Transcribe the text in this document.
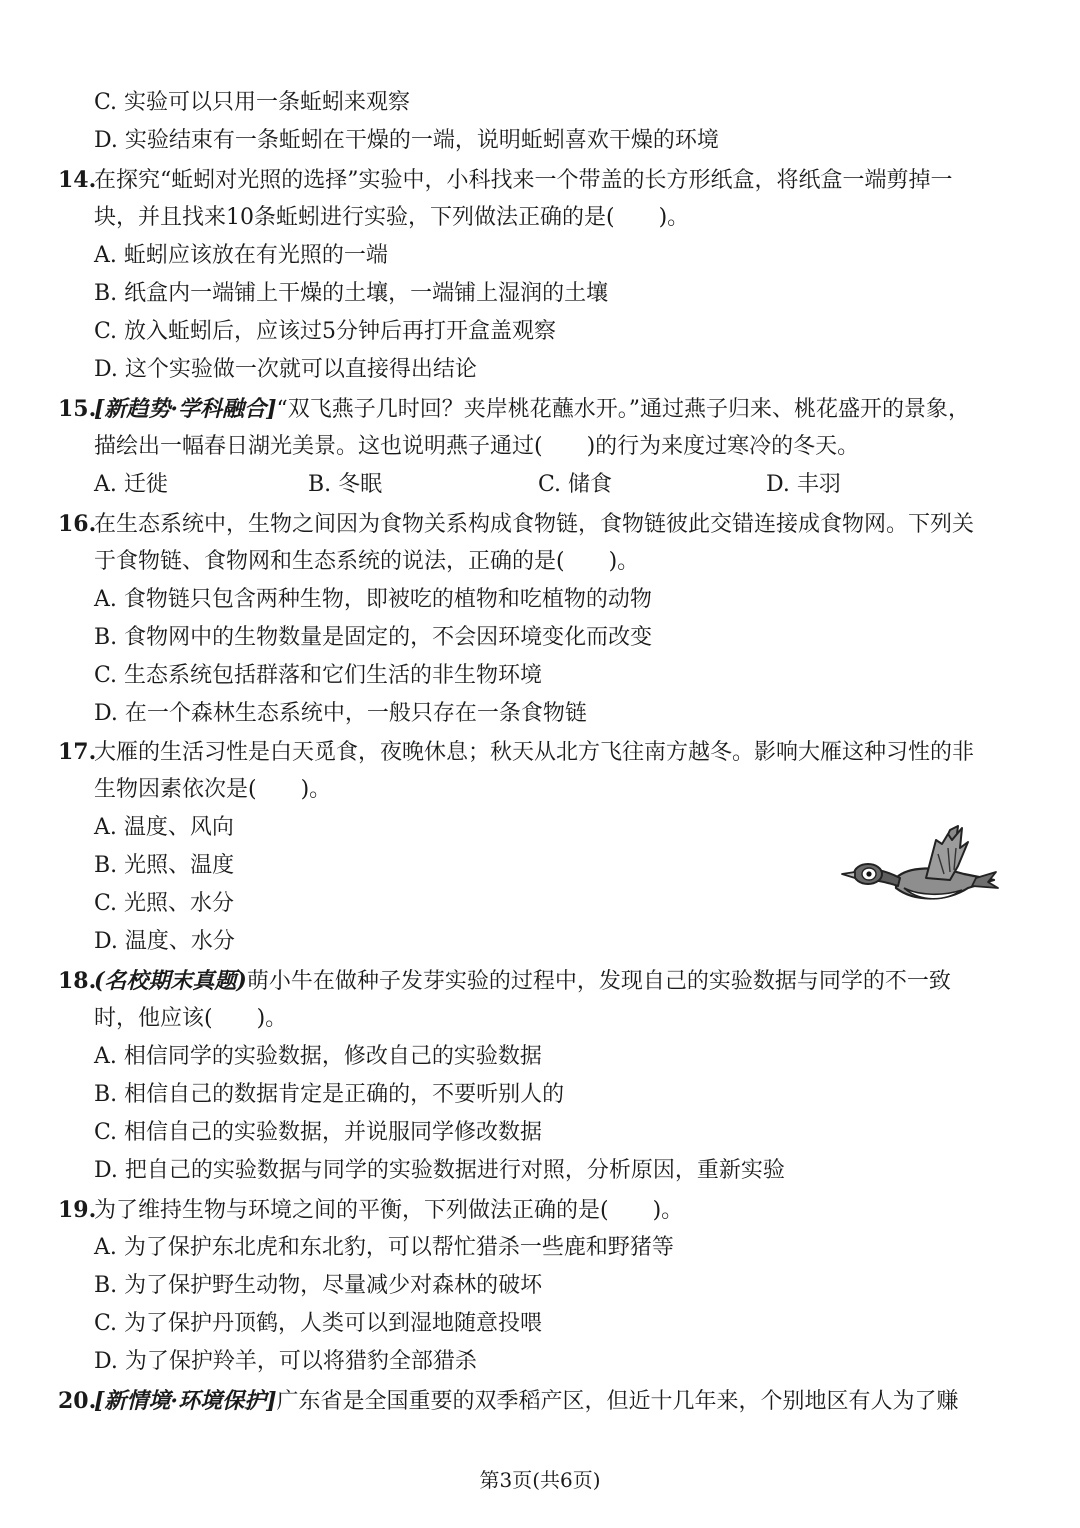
C. 实验可以只用一条蚯蚓来观察
D. 实验结束有一条蚯蚓在干燥的一端，说明蚯蚓喜欢干燥的环境
14.在探究“蚯蚓对光照的选择”实验中，小科找来一个带盖的长方形纸盒，将纸盒一端剪掉一
块，并且找来10条蚯蚓进行实验，下列做法正确的是(　　)。
A. 蚯蚓应该放在有光照的一端
B. 纸盒内一端铺上干燥的土壤，一端铺上湿润的土壤
C. 放入蚯蚓后，应该过5分钟后再打开盒盖观察
D. 这个实验做一次就可以直接得出结论
15.[新趋势·学科融合]“双飞燕子几时回？夹岸桃花蘸水开。”通过燕子归来、桃花盛开的景象，
描绘出一幅春日湖光美景。这也说明燕子通过(　　)的行为来度过寒冷的冬天。
A. 迁徙	B. 冬眠	C. 储食	D. 丰羽
16.在生态系统中，生物之间因为食物关系构成食物链，食物链彼此交错连接成食物网。下列关
于食物链、食物网和生态系统的说法，正确的是(　　)。
A. 食物链只包含两种生物，即被吃的植物和吃植物的动物
B. 食物网中的生物数量是固定的，不会因环境变化而改变
C. 生态系统包括群落和它们生活的非生物环境
D. 在一个森林生态系统中，一般只存在一条食物链
17.大雁的生活习性是白天觅食，夜晚休息；秋天从北方飞往南方越冬。影响大雁这种习性的非
生物因素依次是(　　)。
A. 温度、风向
B. 光照、温度
C. 光照、水分
D. 温度、水分
18.(名校期末真题)萌小牛在做种子发芽实验的过程中，发现自己的实验数据与同学的不一致
时，他应该(　　)。
A. 相信同学的实验数据，修改自己的实验数据
B. 相信自己的数据肯定是正确的，不要听别人的
C. 相信自己的实验数据，并说服同学修改数据
D. 把自己的实验数据与同学的实验数据进行对照，分析原因，重新实验
19.为了维持生物与环境之间的平衡，下列做法正确的是(　　)。
A. 为了保护东北虎和东北豹，可以帮忙猎杀一些鹿和野猪等
B. 为了保护野生动物，尽量减少对森林的破坏
C. 为了保护丹顶鹤，人类可以到湿地随意投喂
D. 为了保护羚羊，可以将猎豹全部猎杀
20.[新情境·环境保护]广东省是全国重要的双季稻产区，但近十几年来，个别地区有人为了赚
第3页(共6页)
